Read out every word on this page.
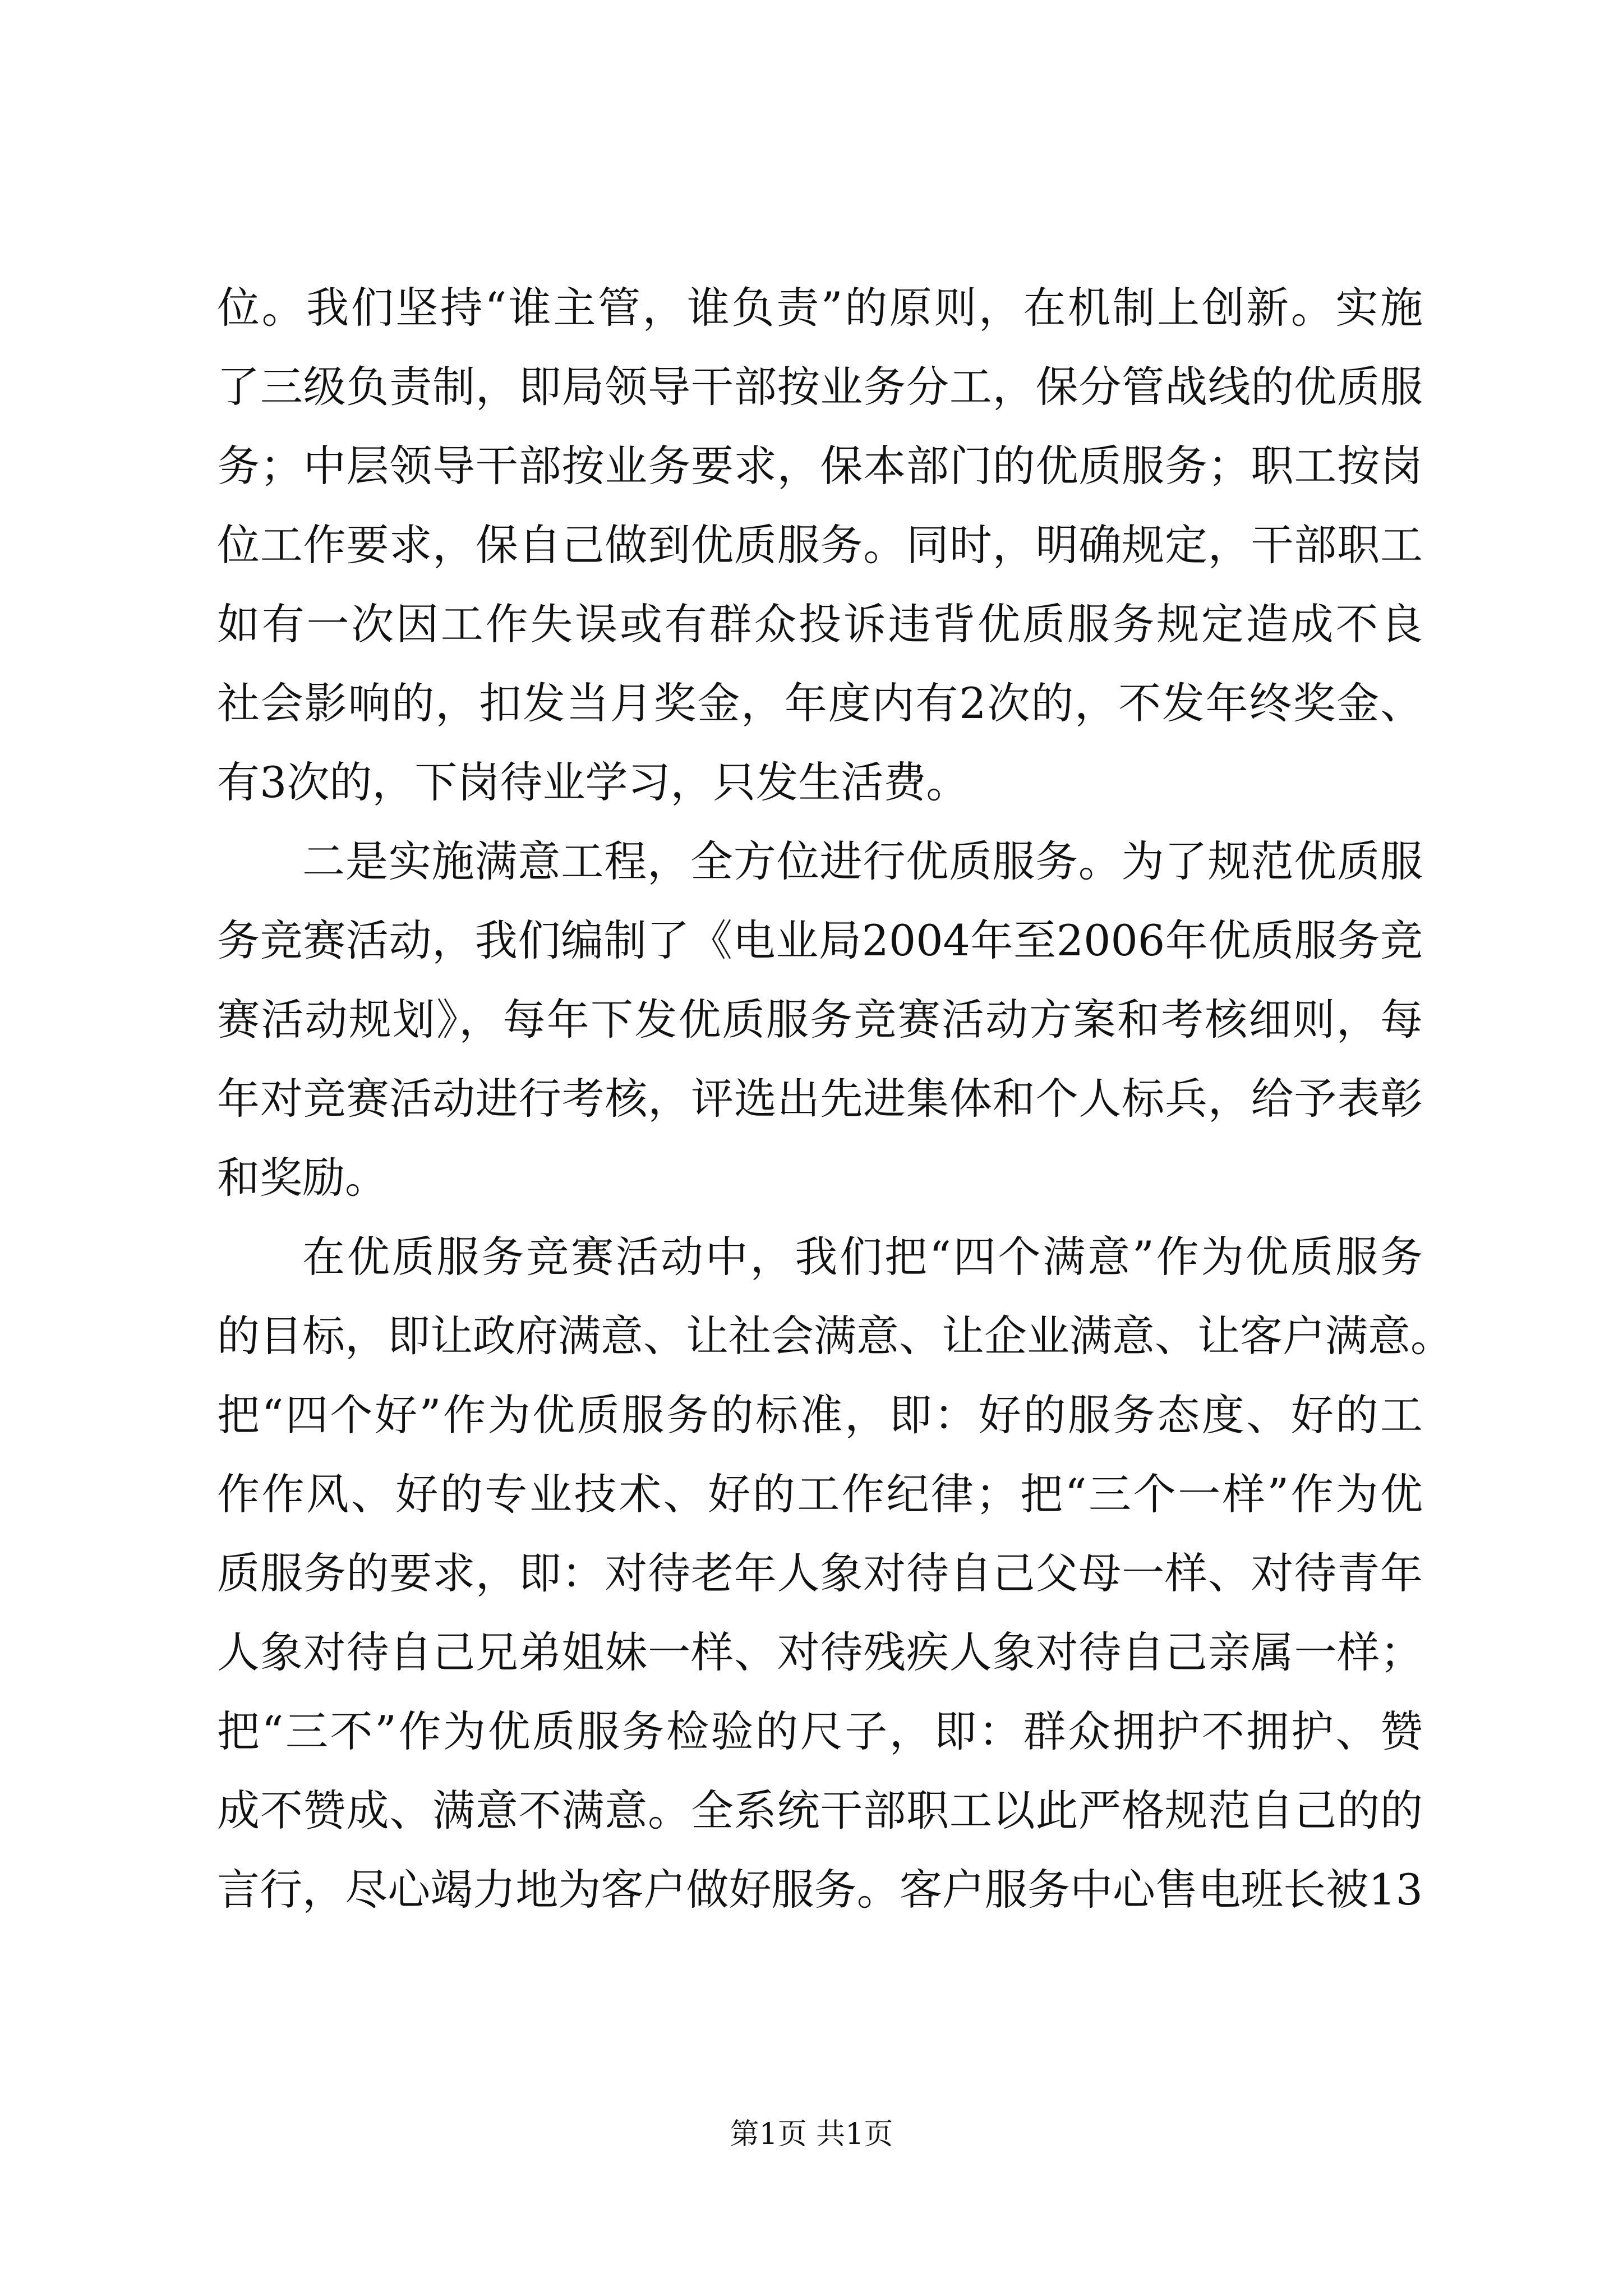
位。我们坚持“谁主管，谁负责”的原则，在机制上创新。实施
了三级负责制，即局领导干部按业务分工，保分管战线的优质服
务；中层领导干部按业务要求，保本部门的优质服务；职工按岗
位工作要求，保自己做到优质服务。同时，明确规定，干部职工
如有一次因工作失误或有群众投诉违背优质服务规定造成不良
社会影响的，扣发当月奖金，年度内有2次的，不发年终奖金、
有3次的，下岗待业学习，只发生活费。
二是实施满意工程，全方位进行优质服务。为了规范优质服
务竞赛活动，我们编制了《电业局2004年至2006年优质服务竞
赛活动规划》，每年下发优质服务竞赛活动方案和考核细则，每
年对竞赛活动进行考核，评选出先进集体和个人标兵，给予表彰
和奖励。
在优质服务竞赛活动中，我们把“四个满意”作为优质服务
的目标，即让政府满意、让社会满意、让企业满意、让客户满意。
把“四个好”作为优质服务的标准，即：好的服务态度、好的工
作作风、好的专业技术、好的工作纪律；把“三个一样”作为优
质服务的要求，即：对待老年人象对待自己父母一样、对待青年
人象对待自己兄弟姐妹一样、对待残疾人象对待自己亲属一样；
把“三不”作为优质服务检验的尺子，即：群众拥护不拥护、赞
成不赞成、满意不满意。全系统干部职工以此严格规范自己的的
言行，尽心竭力地为客户做好服务。客户服务中心售电班长被13
第1页 共1页
